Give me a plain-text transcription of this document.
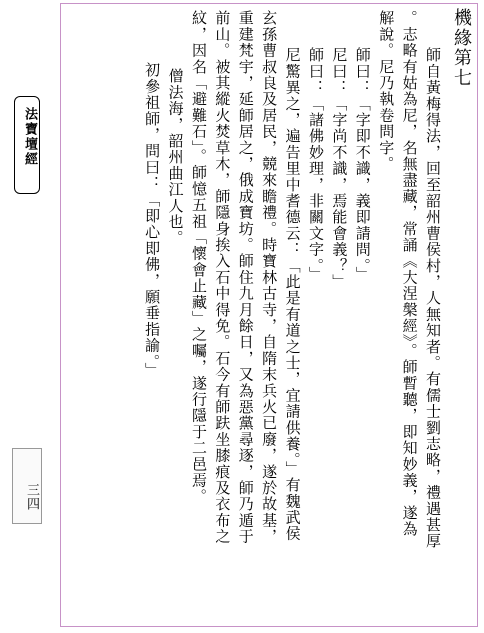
法寶壇經
三四
機緣第七
師自黃梅得法，回至韶州曹侯村，人無知者。有儒士劉志略，禮遇甚厚
。志略有姑為尼，名無盡藏，常誦《大涅槃經》。師暫聽，即知妙義，遂為
解說。尼乃執卷問字。
師曰：「字即不識，義即請問。」
尼曰：「字尚不識，焉能會義？」
師曰：「諸佛妙理，非關文字。」
尼驚異之，遍告里中耆德云：「此是有道之士，宜請供養。」有魏武侯
玄孫曹叔良及居民，競來瞻禮。時寶林古寺，自隋末兵火已廢，遂於故基，
重建梵宇，延師居之，俄成寶坊。師住九月餘日，又為惡黨尋逐，師乃遁于
前山。被其縱火焚草木，師隱身挨入石中得免。石今有師趺坐膝痕及衣布之
紋，因名「避難石」。師憶五祖「懷會止藏」之囑，遂行隱于二邑焉。
僧法海，韶州曲江人也。
初參祖師，問曰：「即心即佛，願垂指諭。」
